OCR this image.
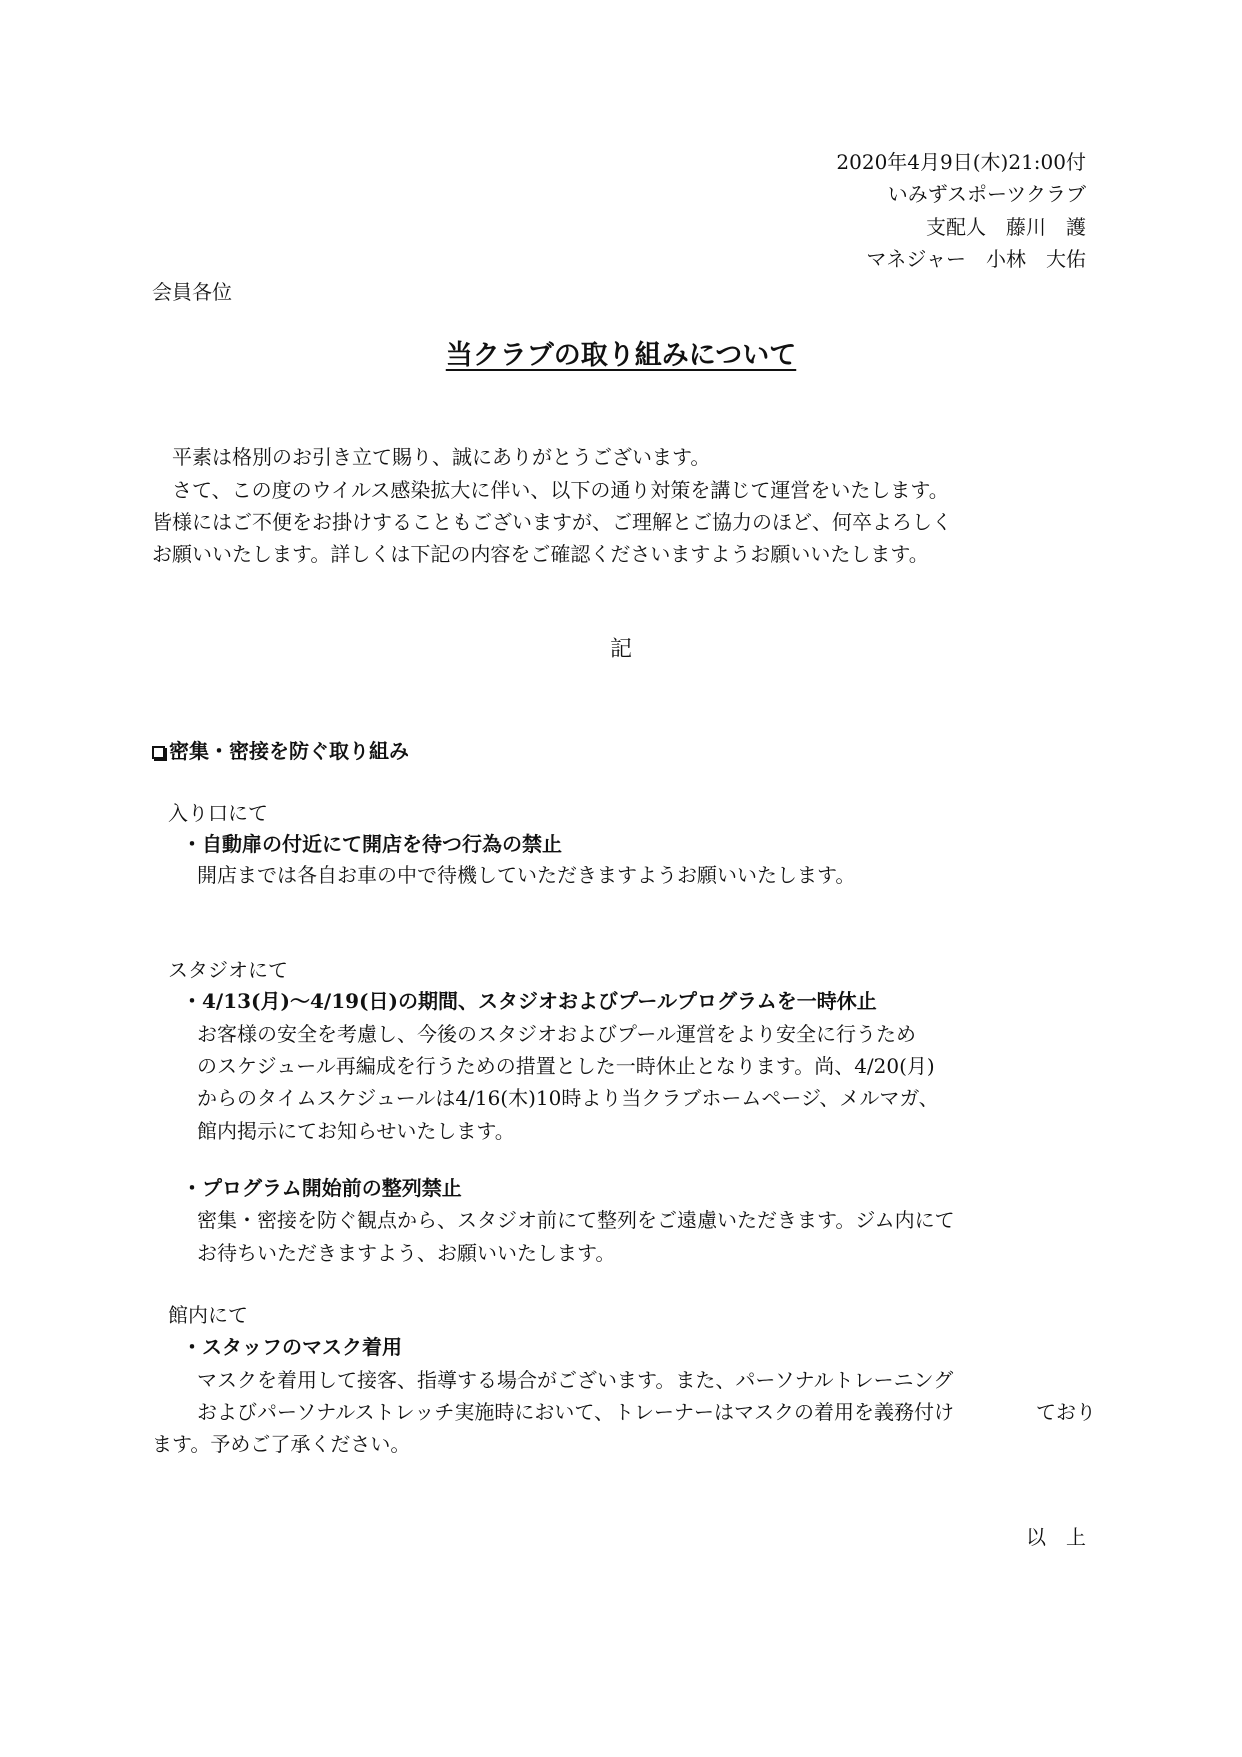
2020年4月9日(木)21:00付
いみずスポーツクラブ
支配人　藤川　護
マネジャー　小林　大佑
会員各位
当クラブの取り組みについて
　平素は格別のお引き立て賜り、誠にありがとうございます。
　さて、この度のウイルス感染拡大に伴い、以下の通り対策を講じて運営をいたします。
皆様にはご不便をお掛けすることもございますが、ご理解とご協力のほど、何卒よろしく
お願いいたします。詳しくは下記の内容をご確認くださいますようお願いいたします。
記
密集・密接を防ぐ取り組み
入り口にて
・自動扉の付近にて開店を待つ行為の禁止
開店までは各自お車の中で待機していただきますようお願いいたします。
スタジオにて
・4/13(月)～4/19(日)の期間、スタジオおよびプールプログラムを一時休止
お客様の安全を考慮し、今後のスタジオおよびプール運営をより安全に行うため
のスケジュール再編成を行うための措置とした一時休止となります。尚、4/20(月)
からのタイムスケジュールは4/16(木)10時より当クラブホームページ、メルマガ、
館内掲示にてお知らせいたします。
・プログラム開始前の整列禁止
密集・密接を防ぐ観点から、スタジオ前にて整列をご遠慮いただきます。ジム内にて
お待ちいただきますよう、お願いいたします。
館内にて
・スタッフのマスク着用
マスクを着用して接客、指導する場合がございます。また、パーソナルトレーニング
およびパーソナルストレッチ実施時において、トレーナーはマスクの着用を義務付け	ており
ます。予めご了承ください。
以　上
